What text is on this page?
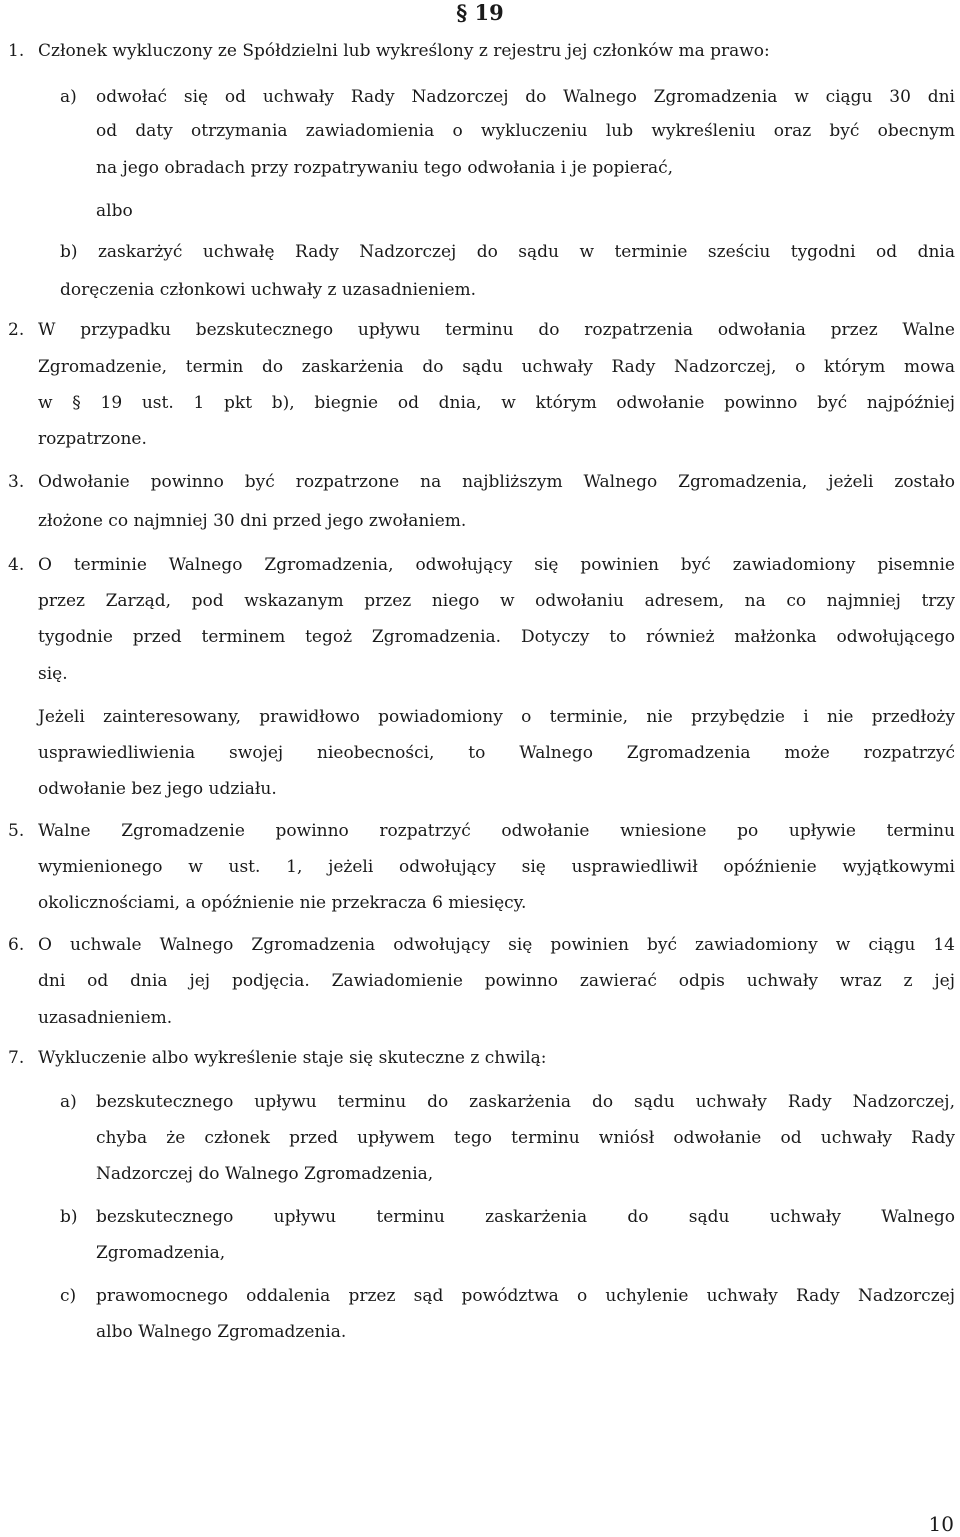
§ 19
1. Członek wykluczony ze Spółdzielni lub wykreślony z rejestru jej członków ma prawo:
a) odwołać się od uchwały Rady Nadzorczej do Walnego Zgromadzenia w ciągu 30 dni
od daty otrzymania zawiadomienia o wykluczeniu lub wykreśleniu oraz być obecnym
na jego obradach przy rozpatrywaniu tego odwołania i je popierać,
albo
b) zaskarżyć uchwałę Rady Nadzorczej do sądu w terminie sześciu tygodni od dnia
doręczenia członkowi uchwały z uzasadnieniem.
2. W przypadku bezskutecznego upływu terminu do rozpatrzenia odwołania przez Walne
Zgromadzenie, termin do zaskarżenia do sądu uchwały Rady Nadzorczej, o którym mowa
w § 19 ust. 1 pkt b), biegnie od dnia, w którym odwołanie powinno być najpóźniej
rozpatrzone.
3. Odwołanie powinno być rozpatrzone na najbliższym Walnego Zgromadzenia, jeżeli zostało
złożone co najmniej 30 dni przed jego zwołaniem.
4. O terminie Walnego Zgromadzenia, odwołujący się powinien być zawiadomiony pisemnie
przez Zarząd, pod wskazanym przez niego w odwołaniu adresem, na co najmniej trzy
tygodnie przed terminem tegoż Zgromadzenia. Dotyczy to również małżonka odwołującego
się.
Jeżeli zainteresowany, prawidłowo powiadomiony o terminie, nie przybędzie i nie przedłoży
usprawiedliwienia swojej nieobecności, to Walnego Zgromadzenia może rozpatrzyć
odwołanie bez jego udziału.
5. Walne Zgromadzenie powinno rozpatrzyć odwołanie wniesione po upływie terminu
wymienionego w ust. 1, jeżeli odwołujący się usprawiedliwił opóźnienie wyjątkowymi
okolicznościami, a opóźnienie nie przekracza 6 miesięcy.
6. O uchwale Walnego Zgromadzenia odwołujący się powinien być zawiadomiony w ciągu 14
dni od dnia jej podjęcia. Zawiadomienie powinno zawierać odpis uchwały wraz z jej
uzasadnieniem.
7. Wykluczenie albo wykreślenie staje się skuteczne z chwilą:
a) bezskutecznego upływu terminu do zaskarżenia do sądu uchwały Rady Nadzorczej,
chyba że członek przed upływem tego terminu wniósł odwołanie od uchwały Rady
Nadzorczej do Walnego Zgromadzenia,
b) bezskutecznego upływu terminu zaskarżenia do sądu uchwały Walnego
Zgromadzenia,
c) prawomocnego oddalenia przez sąd powództwa o uchylenie uchwały Rady Nadzorczej
albo Walnego Zgromadzenia.
10
